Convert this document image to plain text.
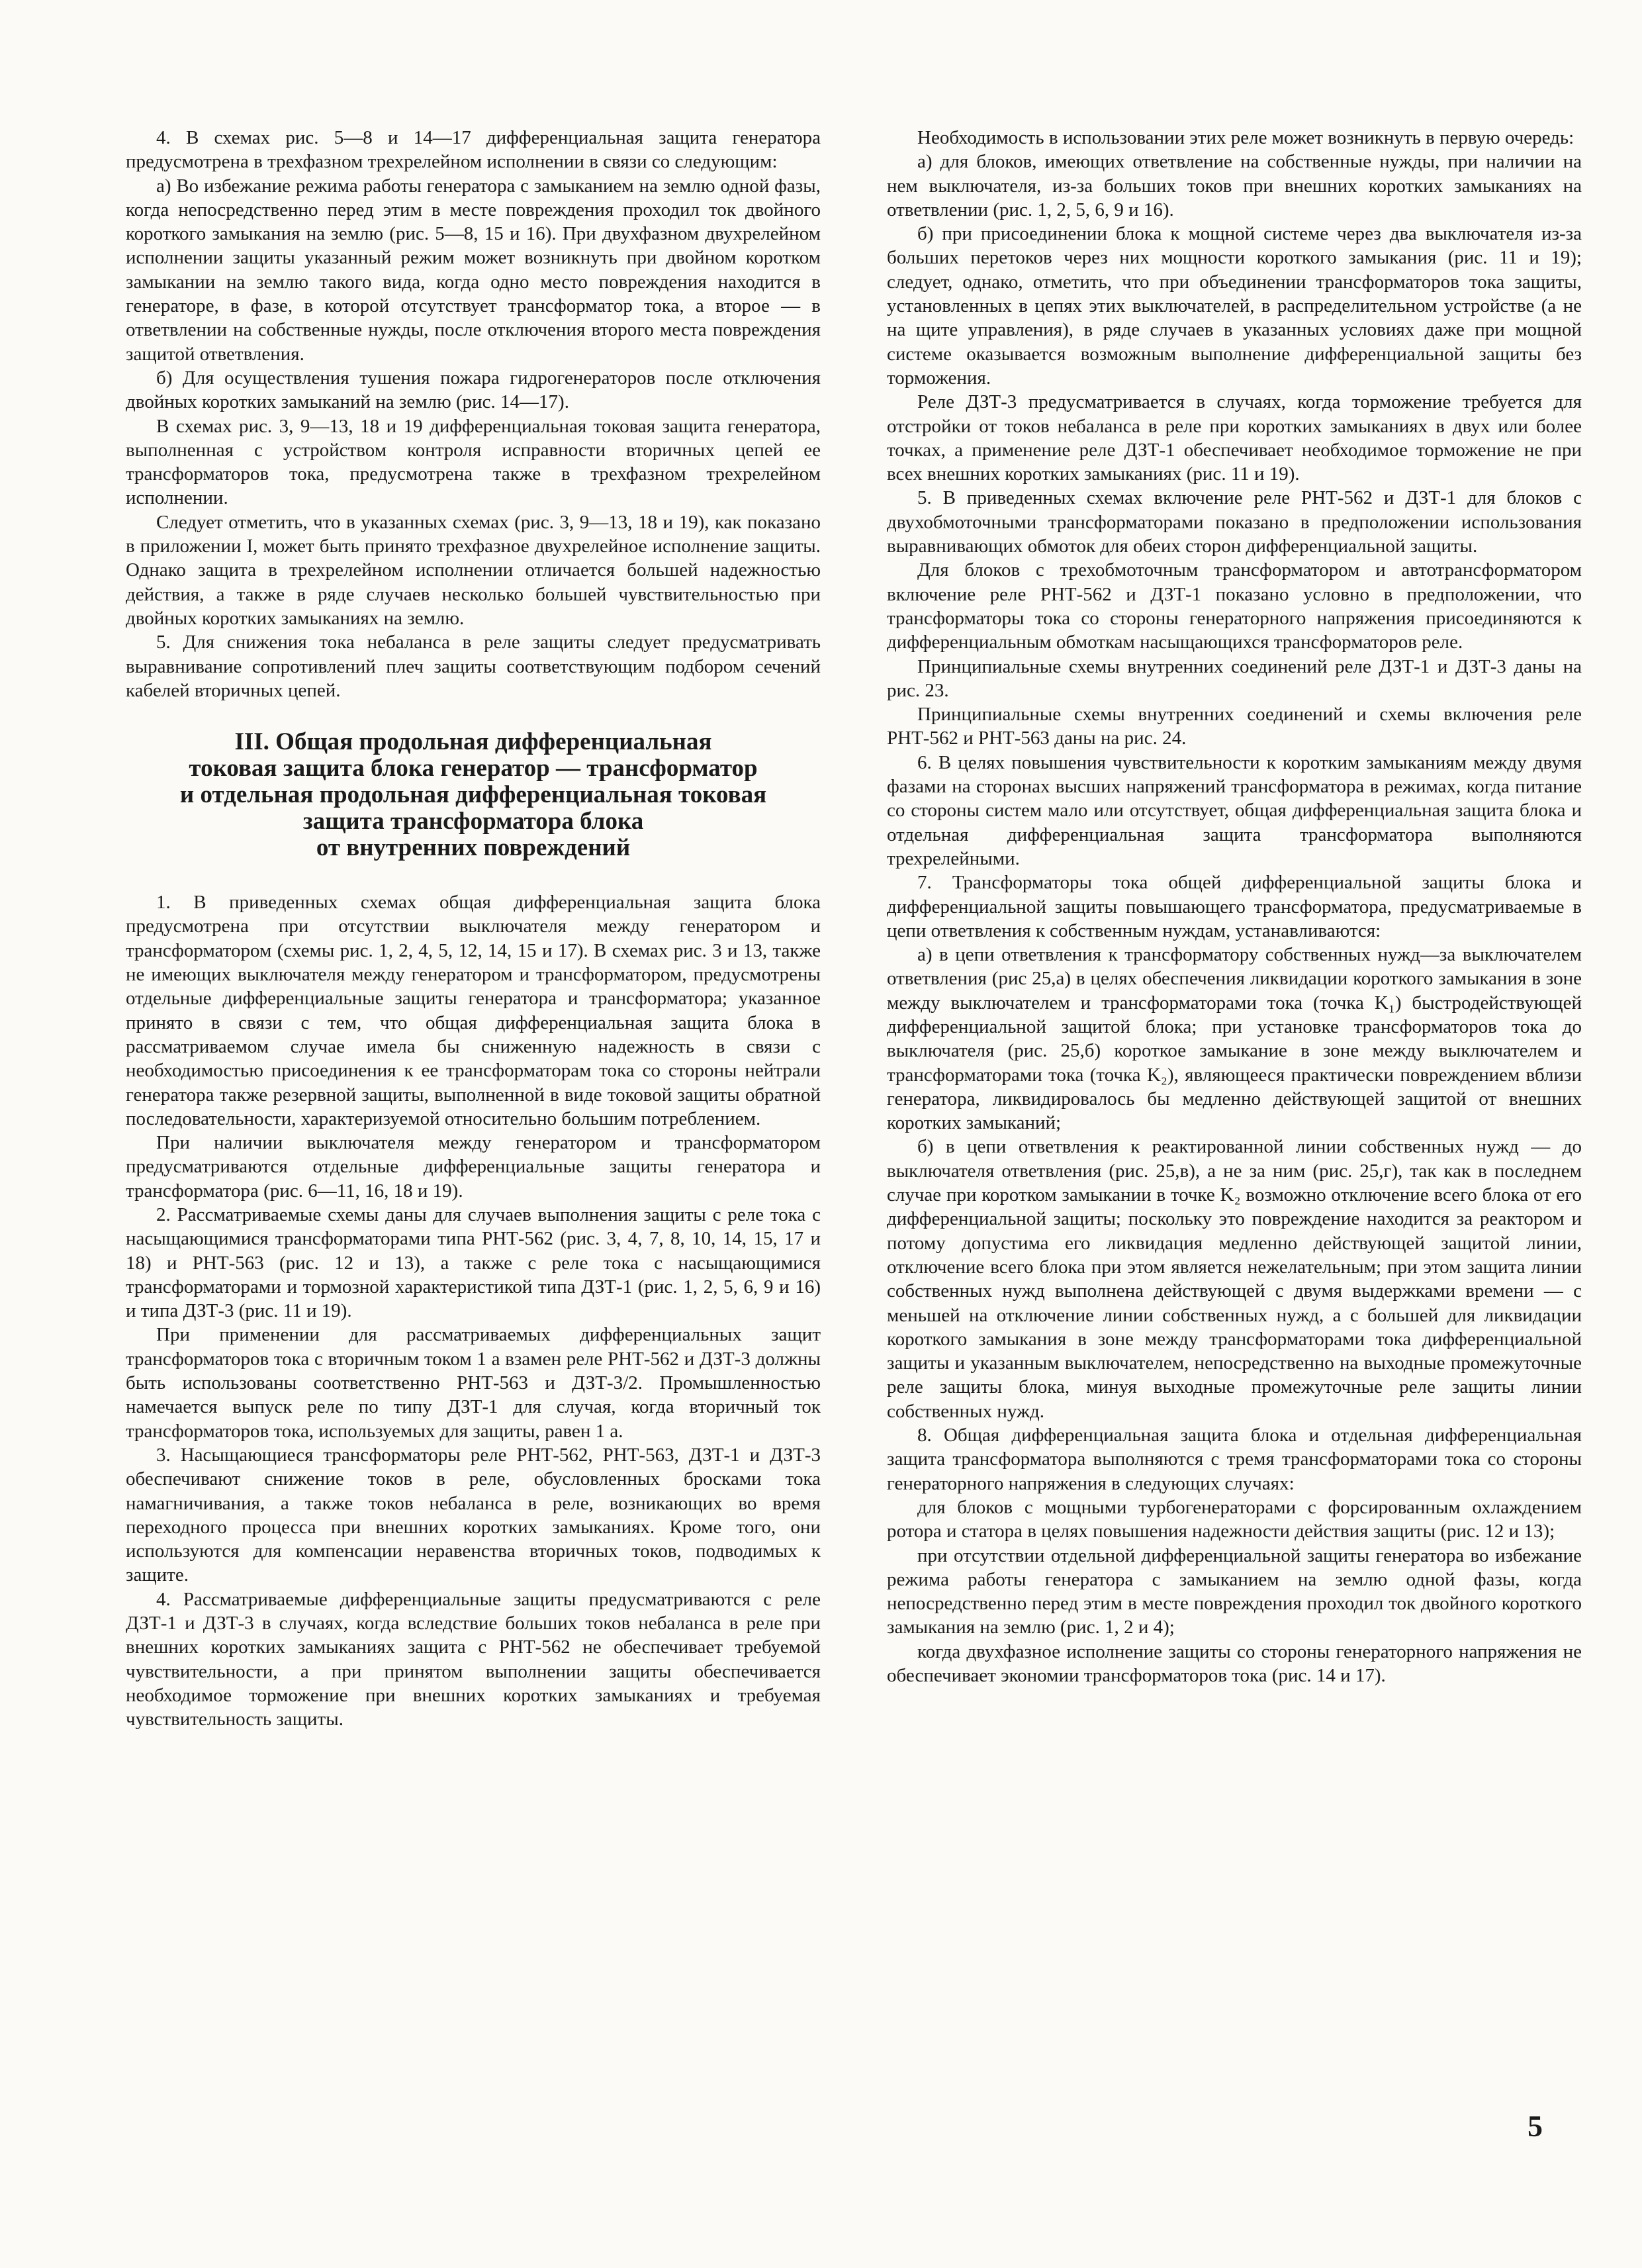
4. В схемах рис. 5—8 и 14—17 дифференциальная защита генератора предусмотрена в трехфазном трехрелейном исполнении в связи со следующим:

а) Во избежание режима работы генератора с замыканием на землю одной фазы, когда непосредственно перед этим в месте повреждения проходил ток двойного короткого замыкания на землю (рис. 5—8, 15 и 16). При двухфазном двухрелейном исполнении защиты указанный режим может возникнуть при двойном коротком замыкании на землю такого вида, когда одно место повреждения находится в генераторе, в фазе, в которой отсутствует трансформатор тока, а второе — в ответвлении на собственные нужды, после отключения второго места повреждения защитой ответвления.

б) Для осуществления тушения пожара гидрогенераторов после отключения двойных коротких замыканий на землю (рис. 14—17).

В схемах рис. 3, 9—13, 18 и 19 дифференциальная токовая защита генератора, выполненная с устройством контроля исправности вторичных цепей ее трансформаторов тока, предусмотрена также в трехфазном трехрелейном исполнении.

Следует отметить, что в указанных схемах (рис. 3, 9—13, 18 и 19), как показано в приложении I, может быть принято трехфазное двухрелейное исполнение защиты. Однако защита в трехрелейном исполнении отличается большей надежностью действия, а также в ряде случаев несколько большей чувствительностью при двойных коротких замыканиях на землю.

5. Для снижения тока небаланса в реле защиты следует предусматривать выравнивание сопротивлений плеч защиты соответствующим подбором сечений кабелей вторичных цепей.

III. Общая продольная дифференциальная
токовая защита блока генератор — трансформатор
и отдельная продольная дифференциальная токовая
защита трансформатора блока
от внутренних повреждений

1. В приведенных схемах общая дифференциальная защита блока предусмотрена при отсутствии выключателя между генератором и трансформатором (схемы рис. 1, 2, 4, 5, 12, 14, 15 и 17). В схемах рис. 3 и 13, также не имеющих выключателя между генератором и трансформатором, предусмотрены отдельные дифференциальные защиты генератора и трансформатора; указанное принято в связи с тем, что общая дифференциальная защита блока в рассматриваемом случае имела бы сниженную надежность в связи с необходимостью присоединения к ее трансформаторам тока со стороны нейтрали генератора также резервной защиты, выполненной в виде токовой защиты обратной последовательности, характеризуемой относительно большим потреблением.

При наличии выключателя между генератором и трансформатором предусматриваются отдельные дифференциальные защиты генератора и трансформатора (рис. 6—11, 16, 18 и 19).

2. Рассматриваемые схемы даны для случаев выполнения защиты с реле тока с насыщающимися трансформаторами типа РНТ-562 (рис. 3, 4, 7, 8, 10, 14, 15, 17 и 18) и РНТ-563 (рис. 12 и 13), а также с реле тока с насыщающимися трансформаторами и тормозной характеристикой типа ДЗТ-1 (рис. 1, 2, 5, 6, 9 и 16) и типа ДЗТ-3 (рис. 11 и 19).

При применении для рассматриваемых дифференциальных защит трансформаторов тока с вторичным током 1 а взамен реле РНТ-562 и ДЗТ-3 должны быть использованы соответственно РНТ-563 и ДЗТ-3/2. Промышленностью намечается выпуск реле по типу ДЗТ-1 для случая, когда вторичный ток трансформаторов тока, используемых для защиты, равен 1 а.

3. Насыщающиеся трансформаторы реле РНТ-562, РНТ-563, ДЗТ-1 и ДЗТ-3 обеспечивают снижение токов в реле, обусловленных бросками тока намагничивания, а также токов небаланса в реле, возникающих во время переходного процесса при внешних коротких замыканиях. Кроме того, они используются для компенсации неравенства вторичных токов, подводимых к защите.

4. Рассматриваемые дифференциальные защиты предусматриваются с реле ДЗТ-1 и ДЗТ-3 в случаях, когда вследствие больших токов небаланса в реле при внешних коротких замыканиях защита с РНТ-562 не обеспечивает требуемой чувствительности, а при принятом выполнении защиты обеспечивается необходимое торможение при внешних коротких замыканиях и требуемая чувствительность защиты.

Необходимость в использовании этих реле может возникнуть в первую очередь:

а) для блоков, имеющих ответвление на собственные нужды, при наличии на нем выключателя, из-за больших токов при внешних коротких замыканиях на ответвлении (рис. 1, 2, 5, 6, 9 и 16).

б) при присоединении блока к мощной системе через два выключателя из-за больших перетоков через них мощности короткого замыкания (рис. 11 и 19); следует, однако, отметить, что при объединении трансформаторов тока защиты, установленных в цепях этих выключателей, в распределительном устройстве (а не на щите управления), в ряде случаев в указанных условиях даже при мощной системе оказывается возможным выполнение дифференциальной защиты без торможения.

Реле ДЗТ-3 предусматривается в случаях, когда торможение требуется для отстройки от токов небаланса в реле при коротких замыканиях в двух или более точках, а применение реле ДЗТ-1 обеспечивает необходимое торможение не при всех внешних коротких замыканиях (рис. 11 и 19).

5. В приведенных схемах включение реле РНТ-562 и ДЗТ-1 для блоков с двухобмоточными трансформаторами показано в предположении использования выравнивающих обмоток для обеих сторон дифференциальной защиты.

Для блоков с трехобмоточным трансформатором и автотрансформатором включение реле РНТ-562 и ДЗТ-1 показано условно в предположении, что трансформаторы тока со стороны генераторного напряжения присоединяются к дифференциальным обмоткам насыщающихся трансформаторов реле.

Принципиальные схемы внутренних соединений реле ДЗТ-1 и ДЗТ-3 даны на рис. 23.

Принципиальные схемы внутренних соединений и схемы включения реле РНТ-562 и РНТ-563 даны на рис. 24.

6. В целях повышения чувствительности к коротким замыканиям между двумя фазами на сторонах высших напряжений трансформатора в режимах, когда питание со стороны систем мало или отсутствует, общая дифференциальная защита блока и отдельная дифференциальная защита трансформатора выполняются трехрелейными.

7. Трансформаторы тока общей дифференциальной защиты блока и дифференциальной защиты повышающего трансформатора, предусматриваемые в цепи ответвления к собственным нуждам, устанавливаются:

а) в цепи ответвления к трансформатору собственных нужд—за выключателем ответвления (рис 25,а) в целях обеспечения ликвидации короткого замыкания в зоне между выключателем и трансформаторами тока (точка K₁) быстродействующей дифференциальной защитой блока; при установке трансформаторов тока до выключателя (рис. 25,б) короткое замыкание в зоне между выключателем и трансформаторами тока (точка K₂), являющееся практически повреждением вблизи генератора, ликвидировалось бы медленно действующей защитой от внешних коротких замыканий;

б) в цепи ответвления к реактированной линии собственных нужд — до выключателя ответвления (рис. 25,в), а не за ним (рис. 25,г), так как в последнем случае при коротком замыкании в точке K₂ возможно отключение всего блока от его дифференциальной защиты; поскольку это повреждение находится за реактором и потому допустима его ликвидация медленно действующей защитой линии, отключение всего блока при этом является нежелательным; при этом защита линии собственных нужд выполнена действующей с двумя выдержками времени — с меньшей на отключение линии собственных нужд, а с большей для ликвидации короткого замыкания в зоне между трансформаторами тока дифференциальной защиты и указанным выключателем, непосредственно на выходные промежуточные реле защиты блока, минуя выходные промежуточные реле защиты линии собственных нужд.

8. Общая дифференциальная защита блока и отдельная дифференциальная защита трансформатора выполняются с тремя трансформаторами тока со стороны генераторного напряжения в следующих случаях:

для блоков с мощными турбогенераторами с форсированным охлаждением ротора и статора в целях повышения надежности действия защиты (рис. 12 и 13);

при отсутствии отдельной дифференциальной защиты генератора во избежание режима работы генератора с замыканием на землю одной фазы, когда непосредственно перед этим в месте повреждения проходил ток двойного короткого замыкания на землю (рис. 1, 2 и 4);

когда двухфазное исполнение защиты со стороны генераторного напряжения не обеспечивает экономии трансформаторов тока (рис. 14 и 17).

5
